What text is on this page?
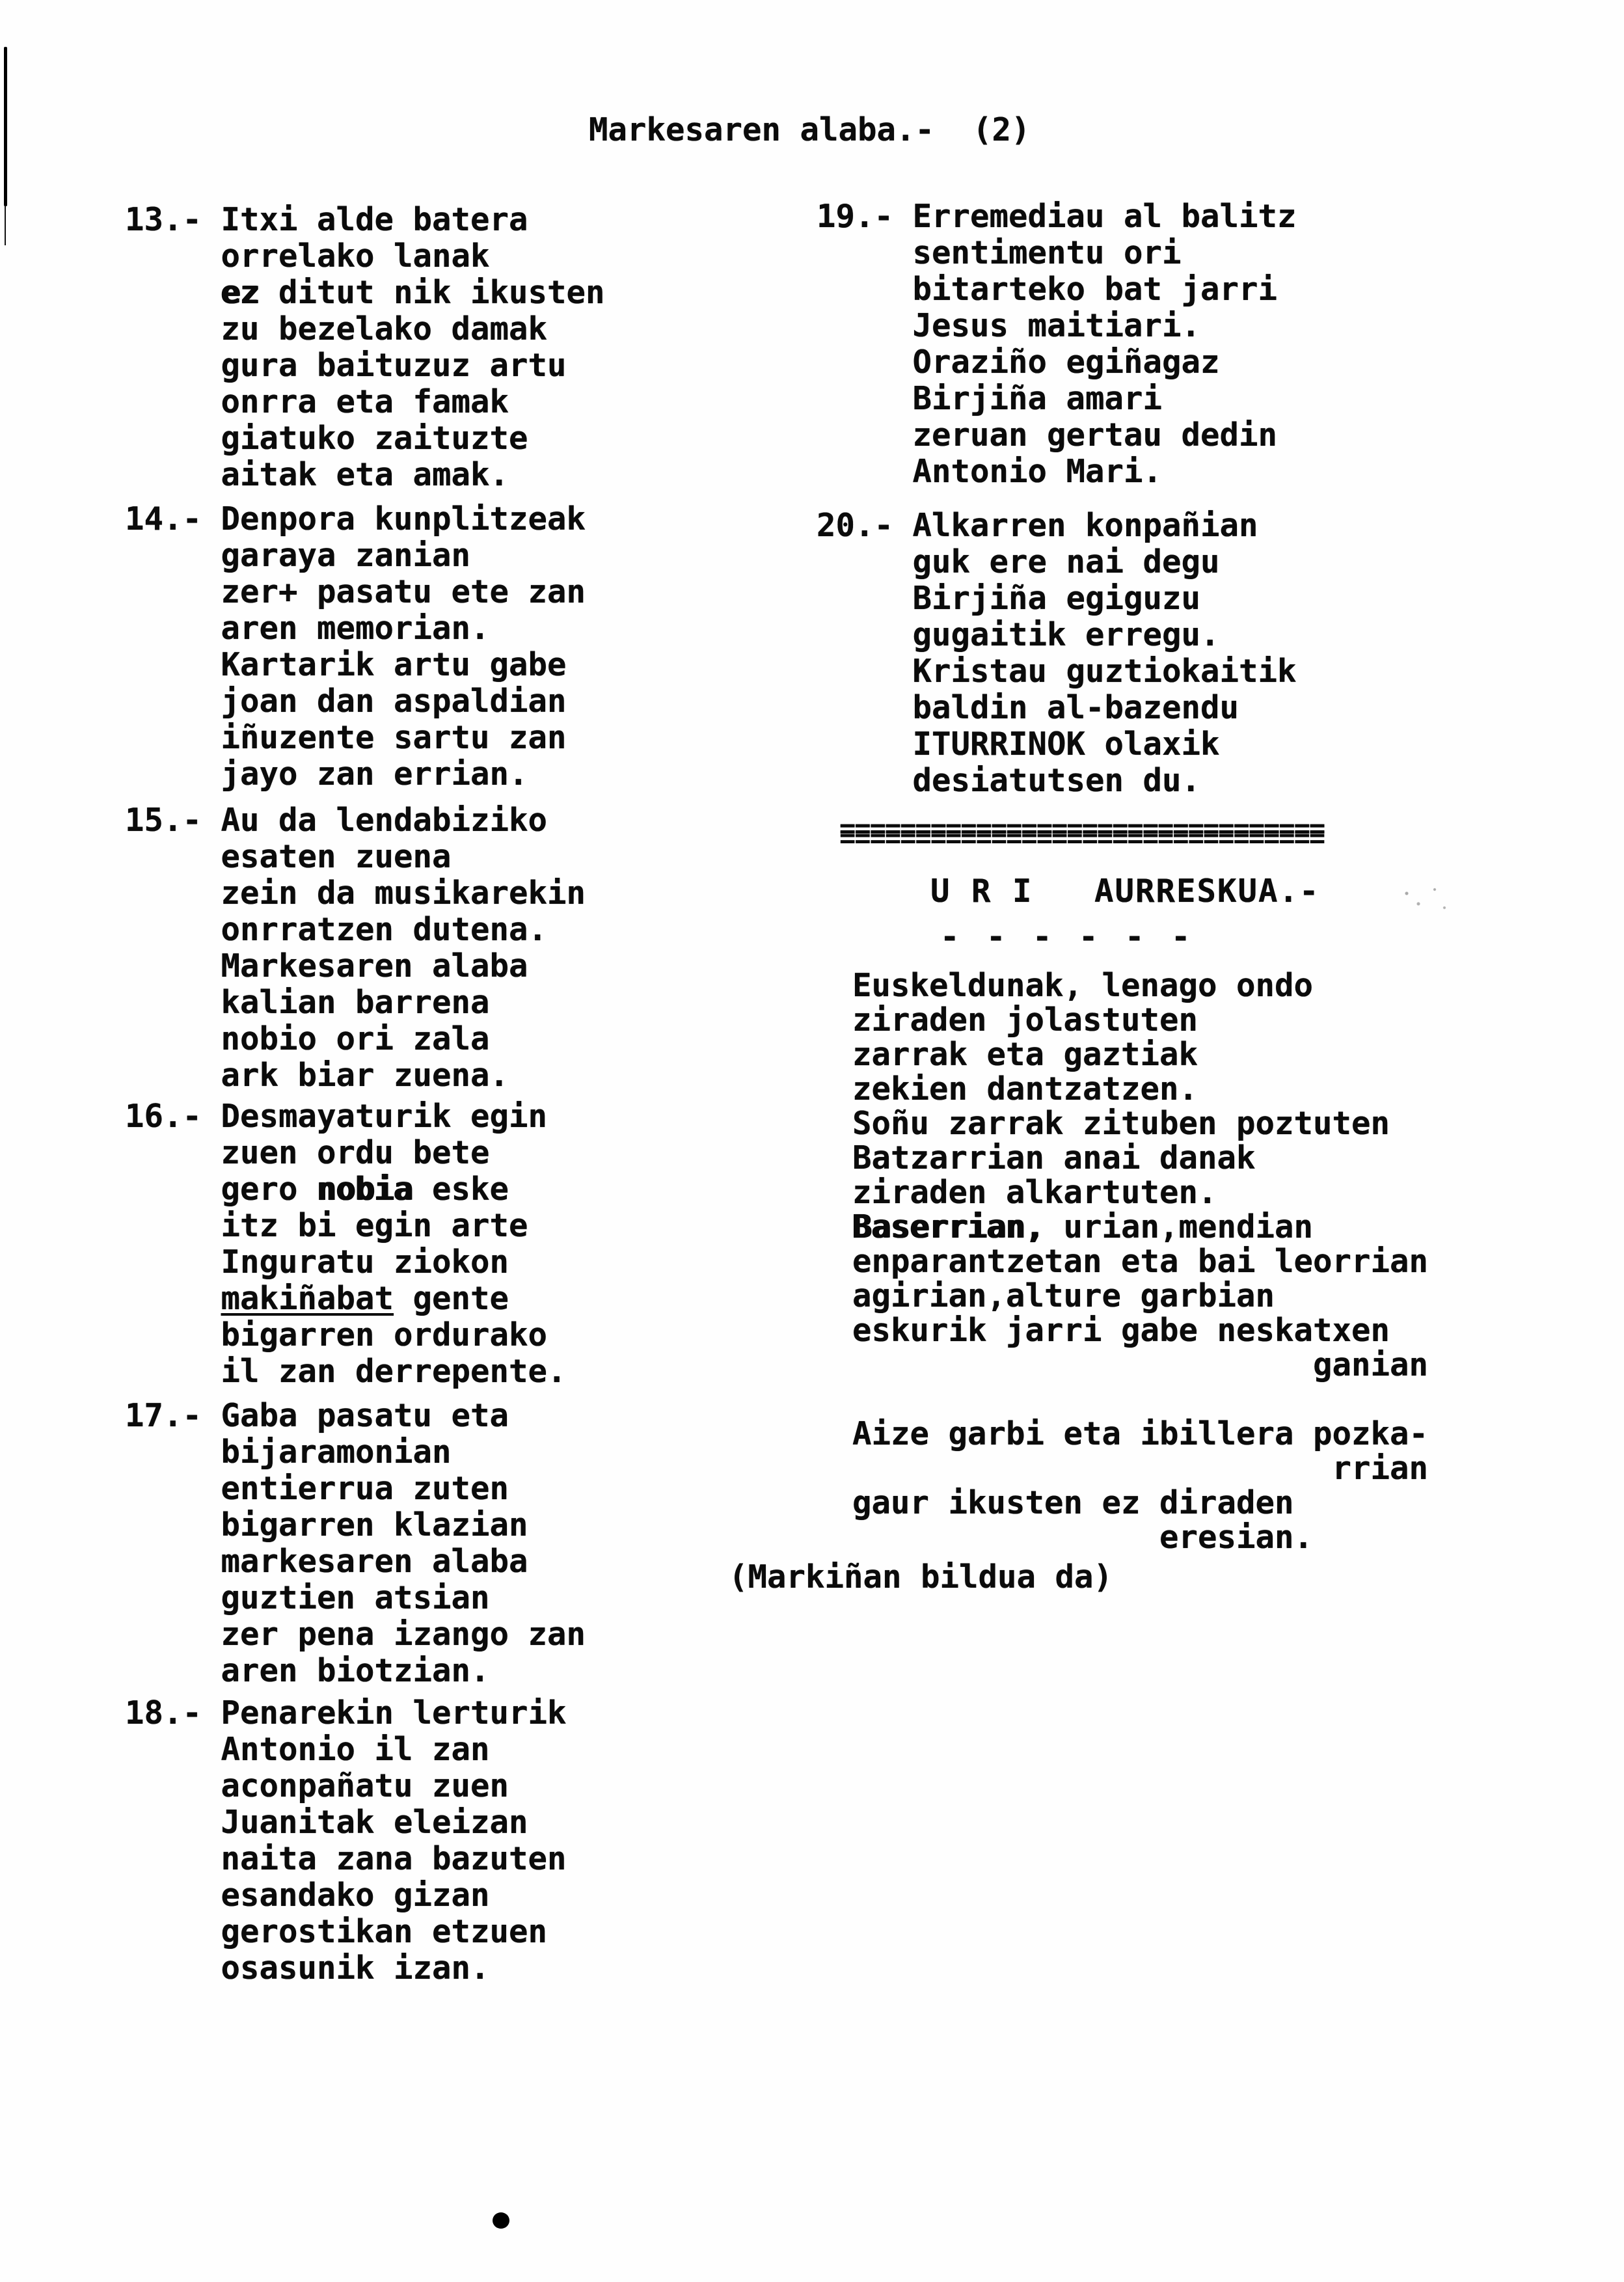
Markesaren alaba.-  (2)
13.- Itxi alde batera
orrelako lanak
ez ditut nik ikusten
zu bezelako damak
gura baituzuz artu
onrra eta famak
giatuko zaituzte
aitak eta amak.
14.- Denpora kunplitzeak
garaya zanian
zer+ pasatu ete zan
aren memorian.
Kartarik artu gabe
joan dan aspaldian
iñuzente sartu zan
jayo zan errian.
15.- Au da lendabiziko
esaten zuena
zein da musikarekin
onrratzen dutena.
Markesaren alaba
kalian barrena
nobio ori zala
ark biar zuena.
16.- Desmayaturik egin
zuen ordu bete
gero nobia eske
itz bi egin arte
Inguratu ziokon
makiñabat gente
bigarren ordurako
il zan derrepente.
17.- Gaba pasatu eta
bijaramonian
entierrua zuten
bigarren klazian
markesaren alaba
guztien atsian
zer pena izango zan
aren biotzian.
18.- Penarekin lerturik
Antonio il zan
aconpañatu zuen
Juanitak eleizan
naita zana bazuten
esandako gizan
gerostikan etzuen
osasunik izan.
19.- Erremediau al balitz
sentimentu ori
bitarteko bat jarri
Jesus maitiari.
Oraziño egiñagaz
Birjiña amari
zeruan gertau dedin
Antonio Mari.
20.- Alkarren konpañian
guk ere nai degu
Birjiña egiguzu
gugaitik erregu.
Kristau guztiokaitik
baldin al-bazendu
ITURRINOK olaxik
desiatutsen du.
================================
U R I   AURRESKUA.-
- - - - - -
Euskeldunak, lenago ondo
ziraden jolastuten
zarrak eta gaztiak
zekien dantzatzen.
Soñu zarrak zituben poztuten
Batzarrian anai danak
ziraden alkartuten.
Baserrian, urian,mendian
enparantzetan eta bai leorrian
agirian,alture garbian
eskurik jarri gabe neskatxen
ganian

Aize garbi eta ibillera pozka-
rrian
gaur ikusten ez diraden
eresian.

(Markiñan bildua da)
